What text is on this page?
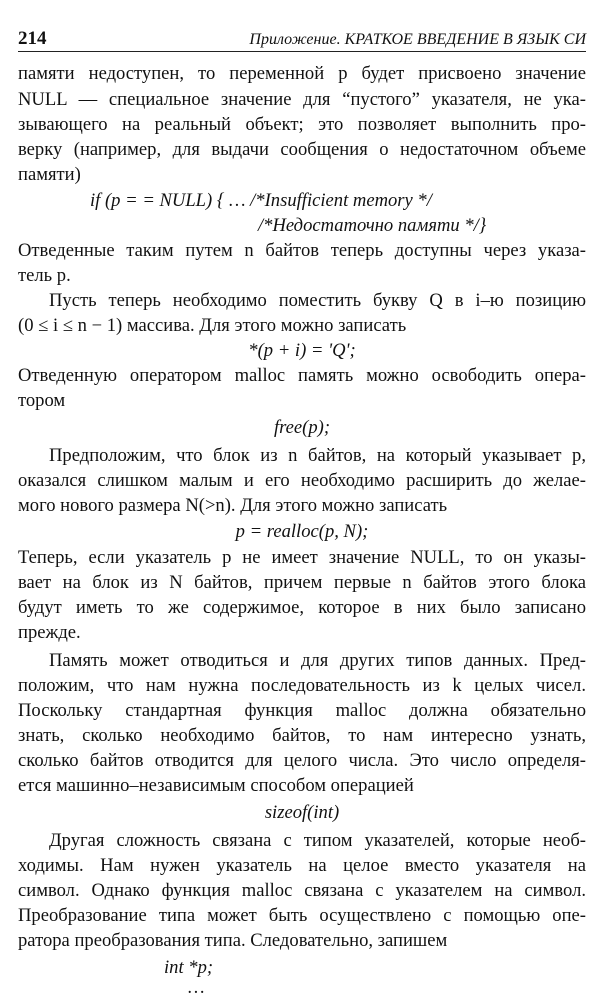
214	Приложение. КРАТКОЕ ВВЕДЕНИЕ В ЯЗЫК СИ
памяти недоступен, то переменной p будет присвоено значение
NULL — специальное значение для “пустого” указателя, не ука-
зывающего на реальный объект; это позволяет выполнить про-
верку (например, для выдачи сообщения о недостаточном объеме
памяти)
if (p = = NULL) { … /*Insufficient memory */
/*Недостаточно памяти */}
Отведенные таким путем n байтов теперь доступны через указа-
тель p.
Пусть теперь необходимо поместить букву Q в i–ю позицию
(0 ≤ i ≤ n − 1) массива. Для этого можно записать
*(p + i) = 'Q';
Отведенную оператором malloc память можно освободить опера-
тором
free(p);
Предположим, что блок из n байтов, на который указывает p,
оказался слишком малым и его необходимо расширить до желае-
мого нового размера N(>n). Для этого можно записать
p = realloc(p, N);
Теперь, если указатель p не имеет значение NULL, то он указы-
вает на блок из N байтов, причем первые n байтов этого блока
будут иметь то же содержимое, которое в них было записано
прежде.
Память может отводиться и для других типов данных. Пред-
положим, что нам нужна последовательность из k целых чисел.
Поскольку стандартная функция malloc должна обязательно
знать, сколько необходимо байтов, то нам интересно узнать,
сколько байтов отводится для целого числа. Это число определя-
ется машинно–независимым способом операцией
sizeof(int)
Другая сложность связана с типом указателей, которые необ-
ходимы. Нам нужен указатель на целое вместо указателя на
символ. Однако функция malloc связана с указателем на символ.
Преобразование типа может быть осуществлено с помощью опе-
ратора преобразования типа. Следовательно, запишем
int *p;
…
